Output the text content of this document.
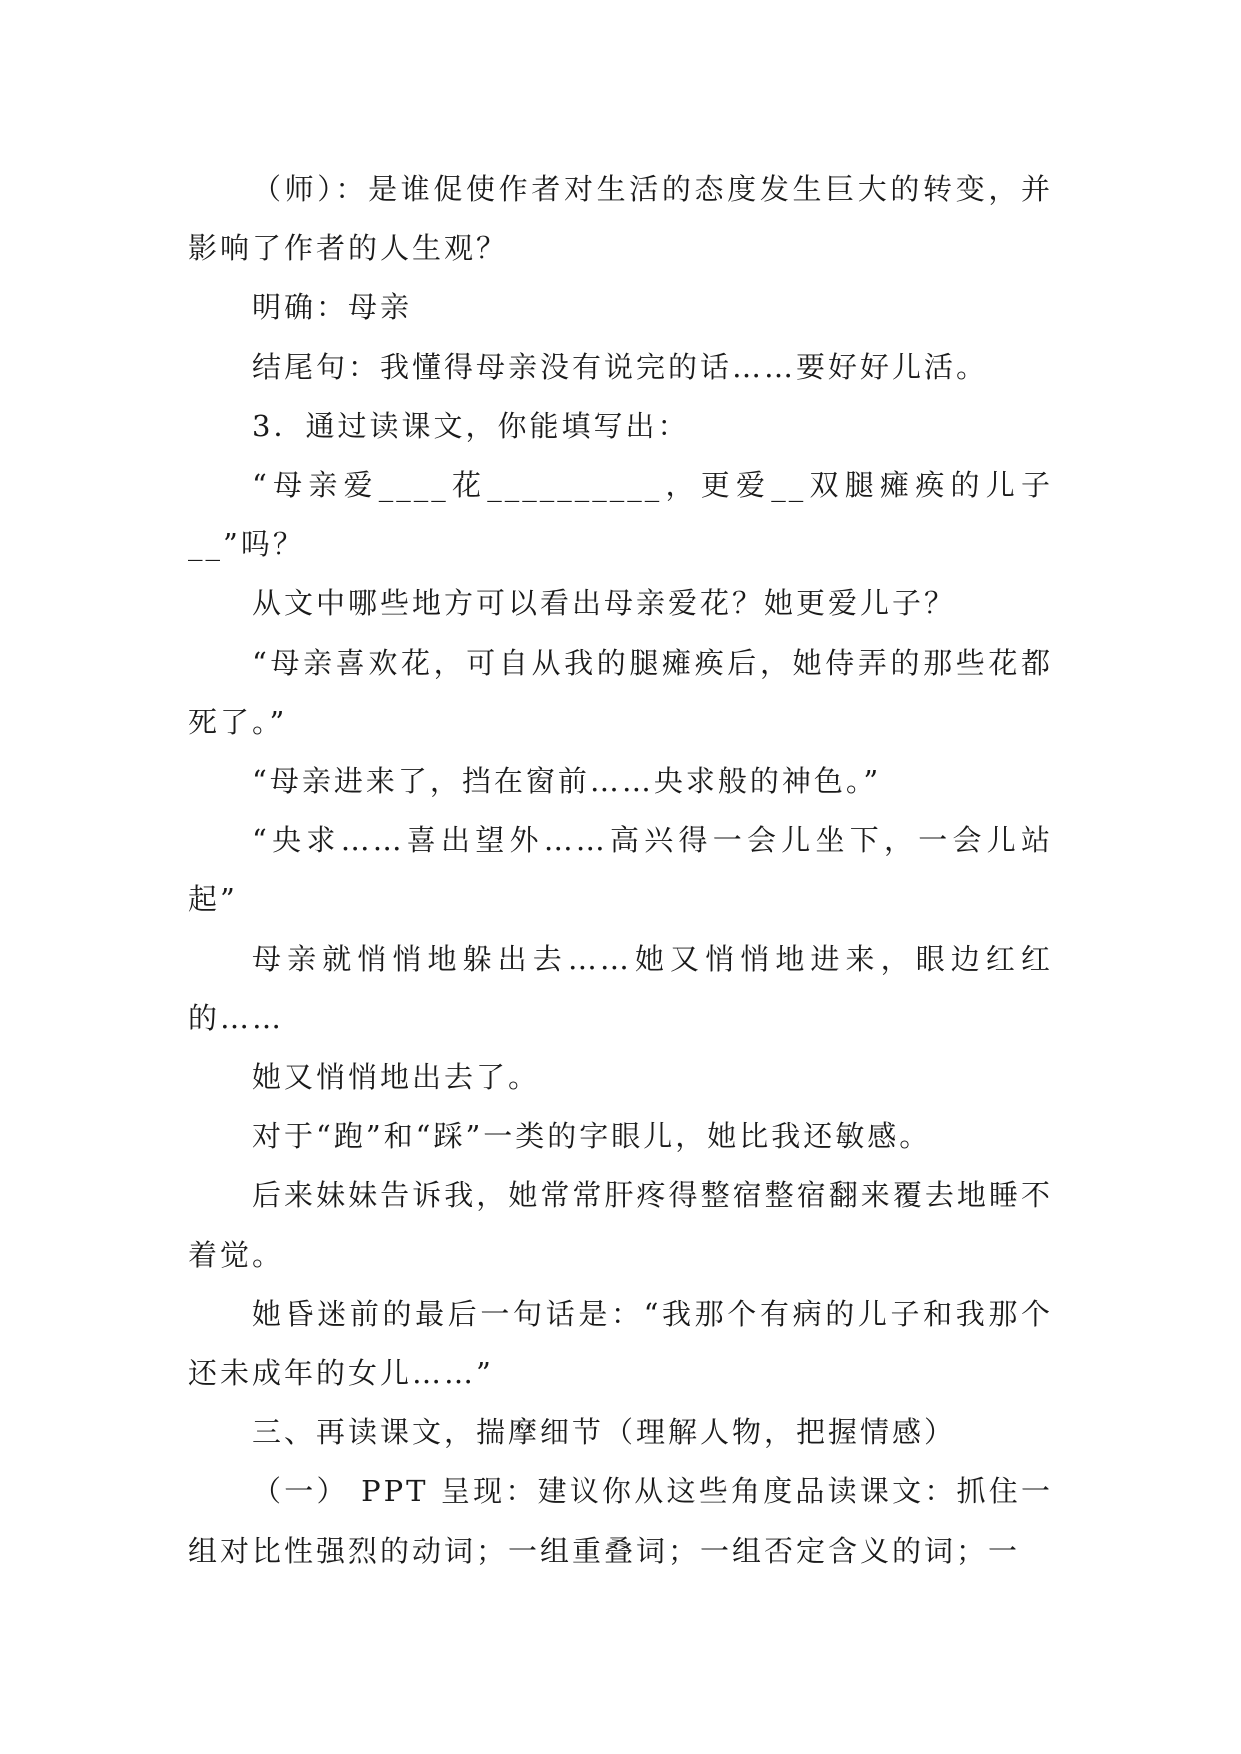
（师）：是谁促使作者对生活的态度发生巨大的转变，并影响了作者的人生观？

明确：母亲

结尾句：我懂得母亲没有说完的话……要好好儿活。

3．通过读课文，你能填写出：

“母亲爱____花__________，更爱__双腿瘫痪的儿子__”吗？

从文中哪些地方可以看出母亲爱花？她更爱儿子？

“母亲喜欢花，可自从我的腿瘫痪后，她侍弄的那些花都死了。”

“母亲进来了，挡在窗前……央求般的神色。”

“央求……喜出望外……高兴得一会儿坐下，一会儿站起”

母亲就悄悄地躲出去……她又悄悄地进来，眼边红红的……

她又悄悄地出去了。

对于“跑”和“踩”一类的字眼儿，她比我还敏感。

后来妹妹告诉我，她常常肝疼得整宿整宿翻来覆去地睡不着觉。

她昏迷前的最后一句话是：“我那个有病的儿子和我那个还未成年的女儿……”

三、再读课文，揣摩细节（理解人物，把握情感）

（一） PPT 呈现：建议你从这些角度品读课文：抓住一组对比性强烈的动词；一组重叠词；一组否定含义的词；一
